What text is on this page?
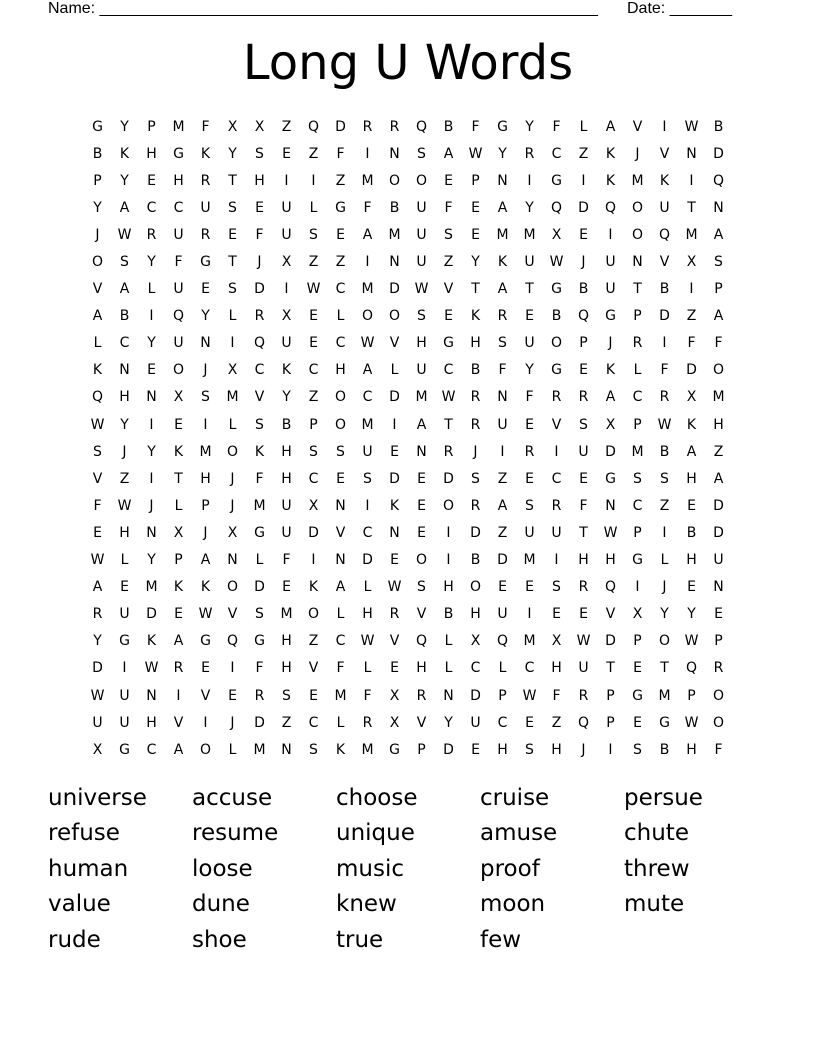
Name: ________________________________________________________ Date: _______
Long U Words
G	Y	P	M	F	X	X	Z	Q	D	R	R	Q	B	F	G	Y	F	L	A	V	I	W	B
B	K	H	G	K	Y	S	E	Z	F	I	N	S	A	W	Y	R	C	Z	K	J	V	N	D
P	Y	E	H	R	T	H	I	I	Z	M	O	O	E	P	N	I	G	I	K	M	K	I	Q
Y	A	C	C	U	S	E	U	L	G	F	B	U	F	E	A	Y	Q	D	Q	O	U	T	N
J	W	R	U	R	E	F	U	S	E	A	M	U	S	E	M	M	X	E	I	O	Q	M	A
O	S	Y	F	G	T	J	X	Z	Z	I	N	U	Z	Y	K	U	W	J	U	N	V	X	S
V	A	L	U	E	S	D	I	W	C	M	D	W	V	T	A	T	G	B	U	T	B	I	P
A	B	I	Q	Y	L	R	X	E	L	O	O	S	E	K	R	E	B	Q	G	P	D	Z	A
L	C	Y	U	N	I	Q	U	E	C	W	V	H	G	H	S	U	O	P	J	R	I	F	F
K	N	E	O	J	X	C	K	C	H	A	L	U	C	B	F	Y	G	E	K	L	F	D	O
Q	H	N	X	S	M	V	Y	Z	O	C	D	M	W	R	N	F	R	R	A	C	R	X	M
W	Y	I	E	I	L	S	B	P	O	M	I	A	T	R	U	E	V	S	X	P	W	K	H
S	J	Y	K	M	O	K	H	S	S	U	E	N	R	J	I	R	I	U	D	M	B	A	Z
V	Z	I	T	H	J	F	H	C	E	S	D	E	D	S	Z	E	C	E	G	S	S	H	A
F	W	J	L	P	J	M	U	X	N	I	K	E	O	R	A	S	R	F	N	C	Z	E	D
E	H	N	X	J	X	G	U	D	V	C	N	E	I	D	Z	U	U	T	W	P	I	B	D
W	L	Y	P	A	N	L	F	I	N	D	E	O	I	B	D	M	I	H	H	G	L	H	U
A	E	M	K	K	O	D	E	K	A	L	W	S	H	O	E	E	S	R	Q	I	J	E	N
R	U	D	E	W	V	S	M	O	L	H	R	V	B	H	U	I	E	E	V	X	Y	Y	E
Y	G	K	A	G	Q	G	H	Z	C	W	V	Q	L	X	Q	M	X	W	D	P	O	W	P
D	I	W	R	E	I	F	H	V	F	L	E	H	L	C	L	C	H	U	T	E	T	Q	R
W	U	N	I	V	E	R	S	E	M	F	X	R	N	D	P	W	F	R	P	G	M	P	O
U	U	H	V	I	J	D	Z	C	L	R	X	V	Y	U	C	E	Z	Q	P	E	G	W	O
X	G	C	A	O	L	M	N	S	K	M	G	P	D	E	H	S	H	J	I	S	B	H	F
universe	accuse	choose	cruise	persue
refuse	resume	unique	amuse	chute
human	loose	music	proof	threw
value	dune	knew	moon	mute
rude	shoe	true	few
